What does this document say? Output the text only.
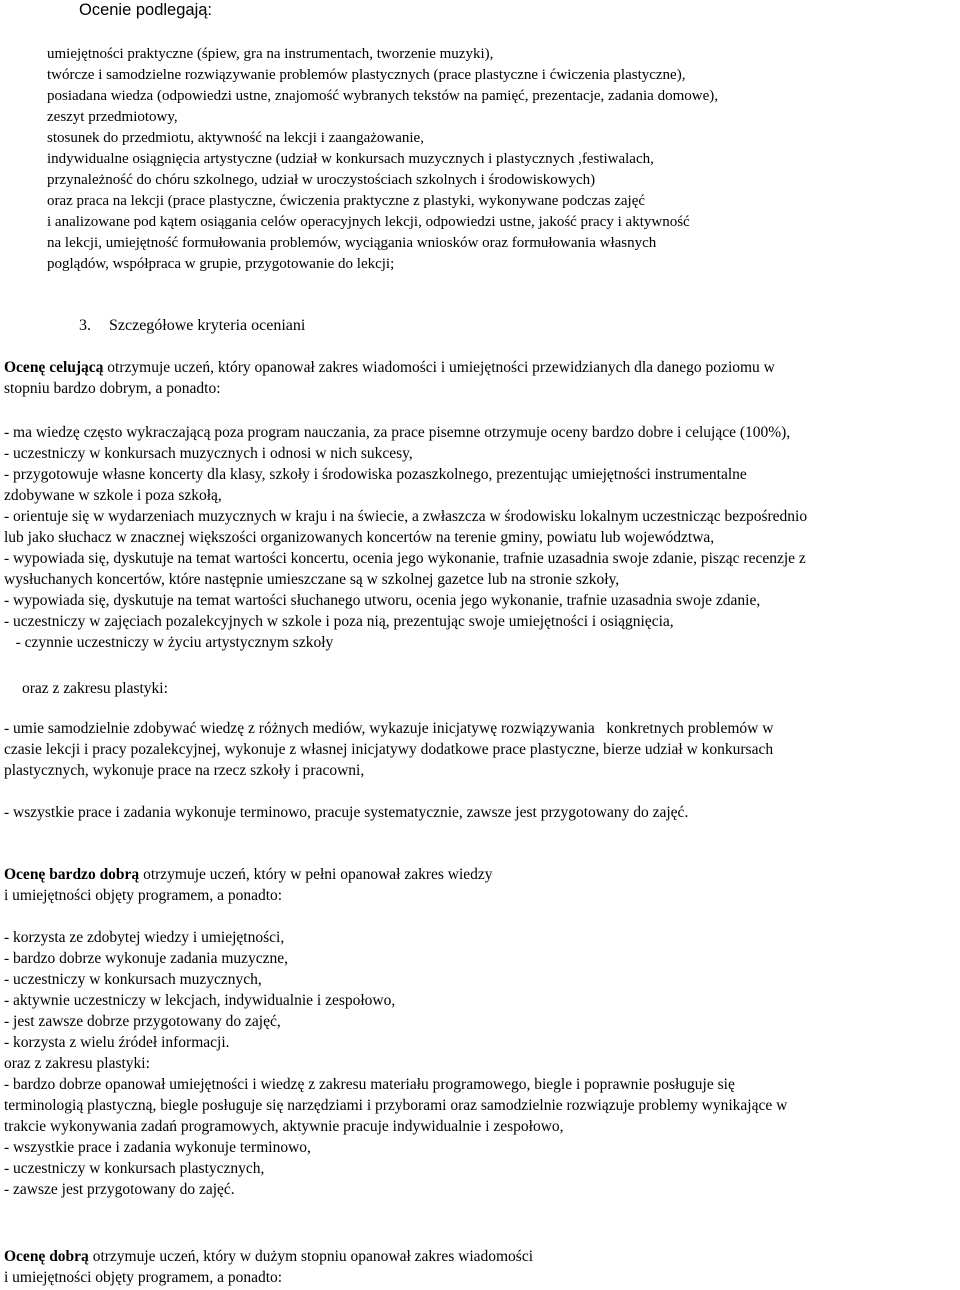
Ocenie podlegają:
umiejętności praktyczne (śpiew, gra na instrumentach, tworzenie muzyki),
twórcze i samodzielne rozwiązywanie problemów plastycznych (prace plastyczne i ćwiczenia plastyczne),
posiadana wiedza (odpowiedzi ustne, znajomość wybranych tekstów na pamięć, prezentacje, zadania domowe),
zeszyt przedmiotowy,
stosunek do przedmiotu, aktywność na lekcji i zaangażowanie,
indywidualne osiągnięcia artystyczne (udział w konkursach muzycznych i plastycznych ,festiwalach,
przynależność do chóru szkolnego, udział w uroczystościach szkolnych i środowiskowych)
oraz praca na lekcji (prace plastyczne, ćwiczenia praktyczne z plastyki, wykonywane podczas zajęć
i analizowane pod kątem osiągania celów operacyjnych lekcji, odpowiedzi ustne, jakość pracy i aktywność
na lekcji, umiejętność formułowania problemów, wyciągania wniosków oraz formułowania własnych
poglądów, współpraca w grupie, przygotowanie do lekcji;
3. Szczegółowe kryteria oceniani
Ocenę celującą otrzymuje uczeń, który opanował zakres wiadomości i umiejętności przewidzianych dla danego poziomu w
stopniu bardzo dobrym, a ponadto:
- ma wiedzę często wykraczającą poza program nauczania, za prace pisemne otrzymuje oceny bardzo dobre i celujące (100%),
- uczestniczy w konkursach muzycznych i odnosi w nich sukcesy,
- przygotowuje własne koncerty dla klasy, szkoły i środowiska pozaszkolnego, prezentując umiejętności instrumentalne
zdobywane w szkole i poza szkołą,
- orientuje się w wydarzeniach muzycznych w kraju i na świecie, a zwłaszcza w środowisku lokalnym uczestnicząc bezpośrednio
lub jako słuchacz w znacznej większości organizowanych koncertów na terenie gminy, powiatu lub województwa,
- wypowiada się, dyskutuje na temat wartości koncertu, ocenia jego wykonanie, trafnie uzasadnia swoje zdanie, pisząc recenzje z
wysłuchanych koncertów, które następnie umieszczane są w szkolnej gazetce lub na stronie szkoły,
- wypowiada się, dyskutuje na temat wartości słuchanego utworu, ocenia jego wykonanie, trafnie uzasadnia swoje zdanie,
- uczestniczy w zajęciach pozalekcyjnych w szkole i poza nią, prezentując swoje umiejętności i osiągnięcia,
- czynnie uczestniczy w życiu artystycznym szkoły
oraz z zakresu plastyki:
- umie samodzielnie zdobywać wiedzę z różnych mediów, wykazuje inicjatywę rozwiązywania   konkretnych problemów w
czasie lekcji i pracy pozalekcyjnej, wykonuje z własnej inicjatywy dodatkowe prace plastyczne, bierze udział w konkursach
plastycznych, wykonuje prace na rzecz szkoły i pracowni,
- wszystkie prace i zadania wykonuje terminowo, pracuje systematycznie, zawsze jest przygotowany do zajęć.
Ocenę bardzo dobrą otrzymuje uczeń, który w pełni opanował zakres wiedzy
i umiejętności objęty programem, a ponadto:
- korzysta ze zdobytej wiedzy i umiejętności,
- bardzo dobrze wykonuje zadania muzyczne,
- uczestniczy w konkursach muzycznych,
- aktywnie uczestniczy w lekcjach, indywidualnie i zespołowo,
- jest zawsze dobrze przygotowany do zajęć,
- korzysta z wielu źródeł informacji.
oraz z zakresu plastyki:
- bardzo dobrze opanował umiejętności i wiedzę z zakresu materiału programowego, biegle i poprawnie posługuje się
terminologią plastyczną, biegle posługuje się narzędziami i przyborami oraz samodzielnie rozwiązuje problemy wynikające w
trakcie wykonywania zadań programowych, aktywnie pracuje indywidualnie i zespołowo,
- wszystkie prace i zadania wykonuje terminowo,
- uczestniczy w konkursach plastycznych,
- zawsze jest przygotowany do zajęć.
Ocenę dobrą otrzymuje uczeń, który w dużym stopniu opanował zakres wiadomości
i umiejętności objęty programem, a ponadto:
